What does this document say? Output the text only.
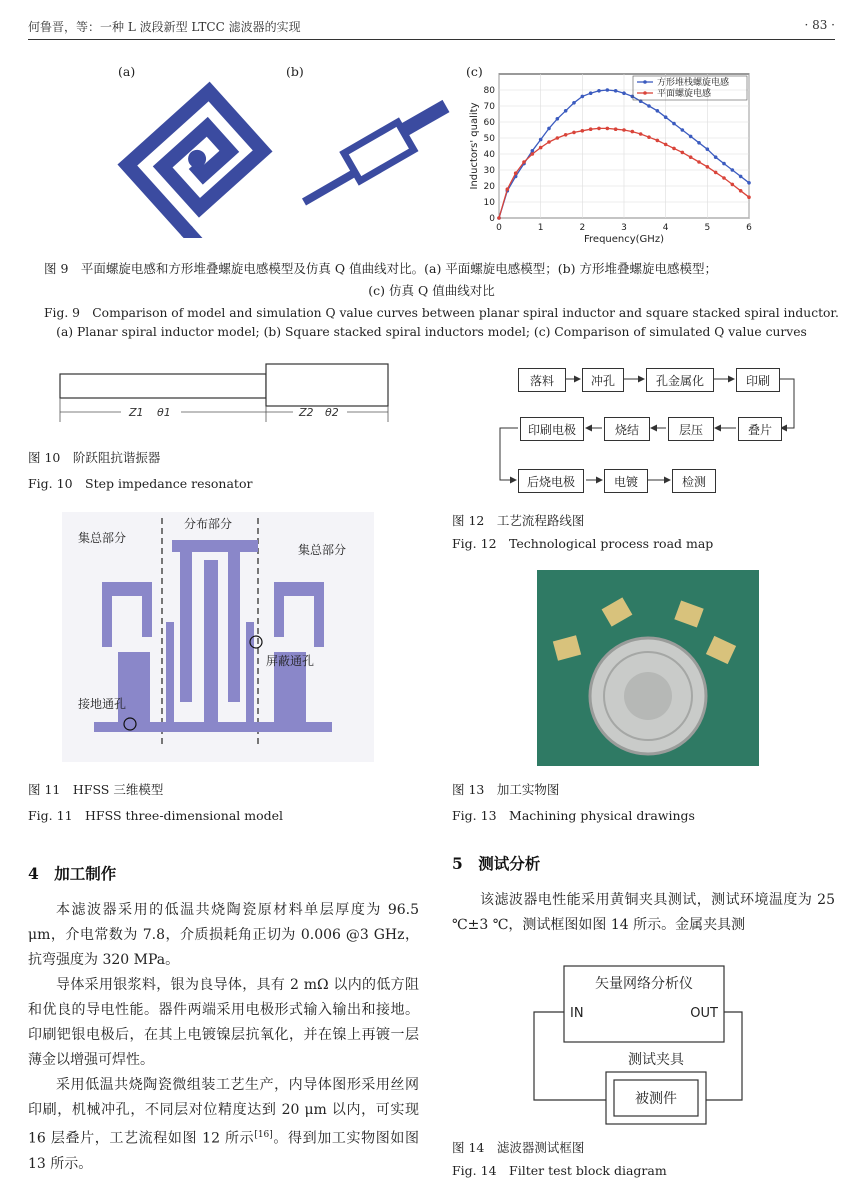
何鲁晋，等：一种 L 波段新型 LTCC 滤波器的实现	· 83 ·
(a)	(b)	(c)
0	1	2	3	4	5	6
0
10
20
30
40
50
60
70
80
Frequency(GHz)
Inductors' quality
方形堆栈螺旋电感
平面螺旋电感
图 9　平面螺旋电感和方形堆叠螺旋电感模型及仿真 Q 值曲线对比。(a) 平面螺旋电感模型；(b) 方形堆叠螺旋电感模型；
(c) 仿真 Q 值曲线对比
Fig. 9　Comparison of model and simulation Q value curves between planar spiral inductor and square stacked spiral inductor.
(a) Planar spiral inductor model; (b) Square stacked spiral inductors model; (c) Comparison of simulated Q value curves
Z1 θ1	Z2 θ2
图 10　阶跃阻抗谐振器
Fig. 10　Step impedance resonator
落料	冲孔	孔金属化	印刷
印刷电极	烧结	层压	叠片
后烧电极	电镀	检测
图 12　工艺流程路线图
Fig. 12　Technological process road map
集总部分
分布部分
集总部分
屏蔽通孔
接地通孔
图 11　HFSS 三维模型
Fig. 11　HFSS three-dimensional model
图 13　加工实物图
Fig. 13　Machining physical drawings
4　加工制作

本滤波器采用的低温共烧陶瓷原材料单层厚度为 96.5 μm，介电常数为 7.8，介质损耗角正切为 0.006 @3 GHz，抗弯强度为 320 MPa。

导体采用银浆料，银为良导体，具有 2 mΩ 以内的低方阻和优良的导电性能。器件两端采用电极形式输入输出和接地。印刷钯银电极后，在其上电镀镍层抗氧化，并在镍上再镀一层薄金以增强可焊性。

采用低温共烧陶瓷微组装工艺生产，内导体图形采用丝网印刷，机械冲孔，不同层对位精度达到 20 μm 以内，可实现 16 层叠片，工艺流程如图 12 所示[16]。得到加工实物图如图 13 所示。

5　测试分析

该滤波器电性能采用黄铜夹具测试，测试环境温度为 25 ℃±3 ℃，测试框图如图 14 所示。金属夹具测

矢量网络分析仪
IN	OUT
测试夹具
被测件
图 14　滤波器测试框图
Fig. 14　Filter test block diagram
